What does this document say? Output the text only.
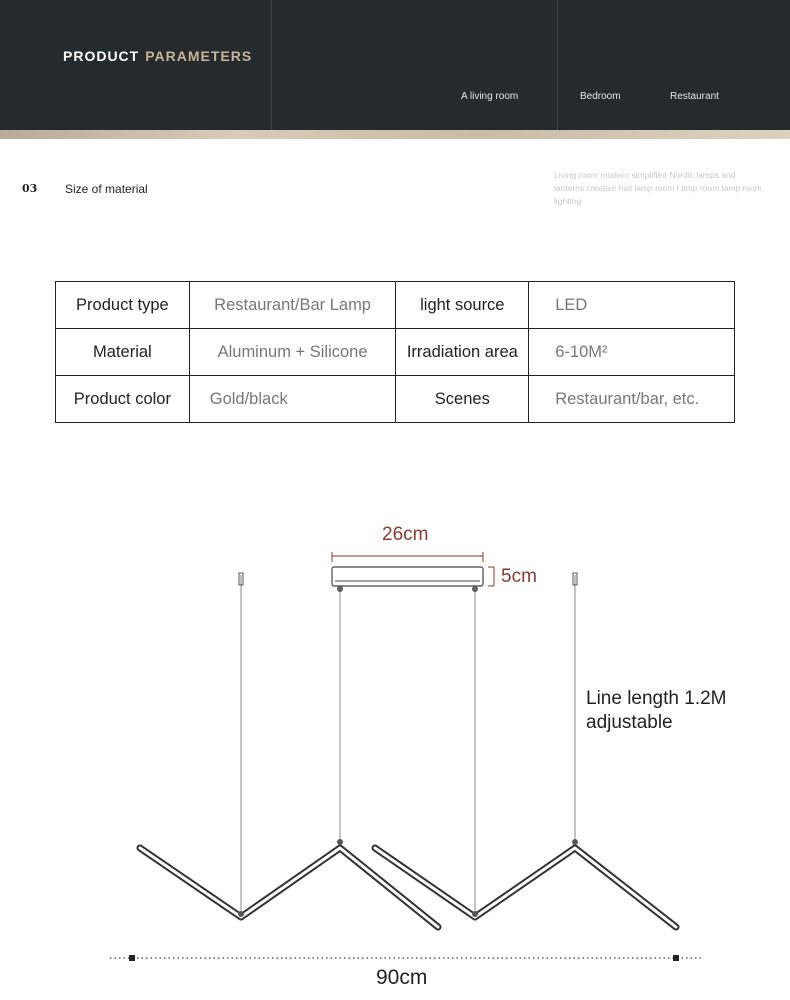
PRODUCT PARAMETERS
A living room	Bedroom	Restaurant
03 Size of material
Living room modern simplified Nordic lamps and lanterns creative hall lamp room l amp room lamp room lighting
Product type	Restaurant/Bar Lamp	light source	LED
Material	Aluminum + Silicone	Irradiation area	6-10M²
Product color	Gold/black	Scenes	Restaurant/bar, etc.
26cm
5cm
Line length 1.2M
adjustable
90cm
